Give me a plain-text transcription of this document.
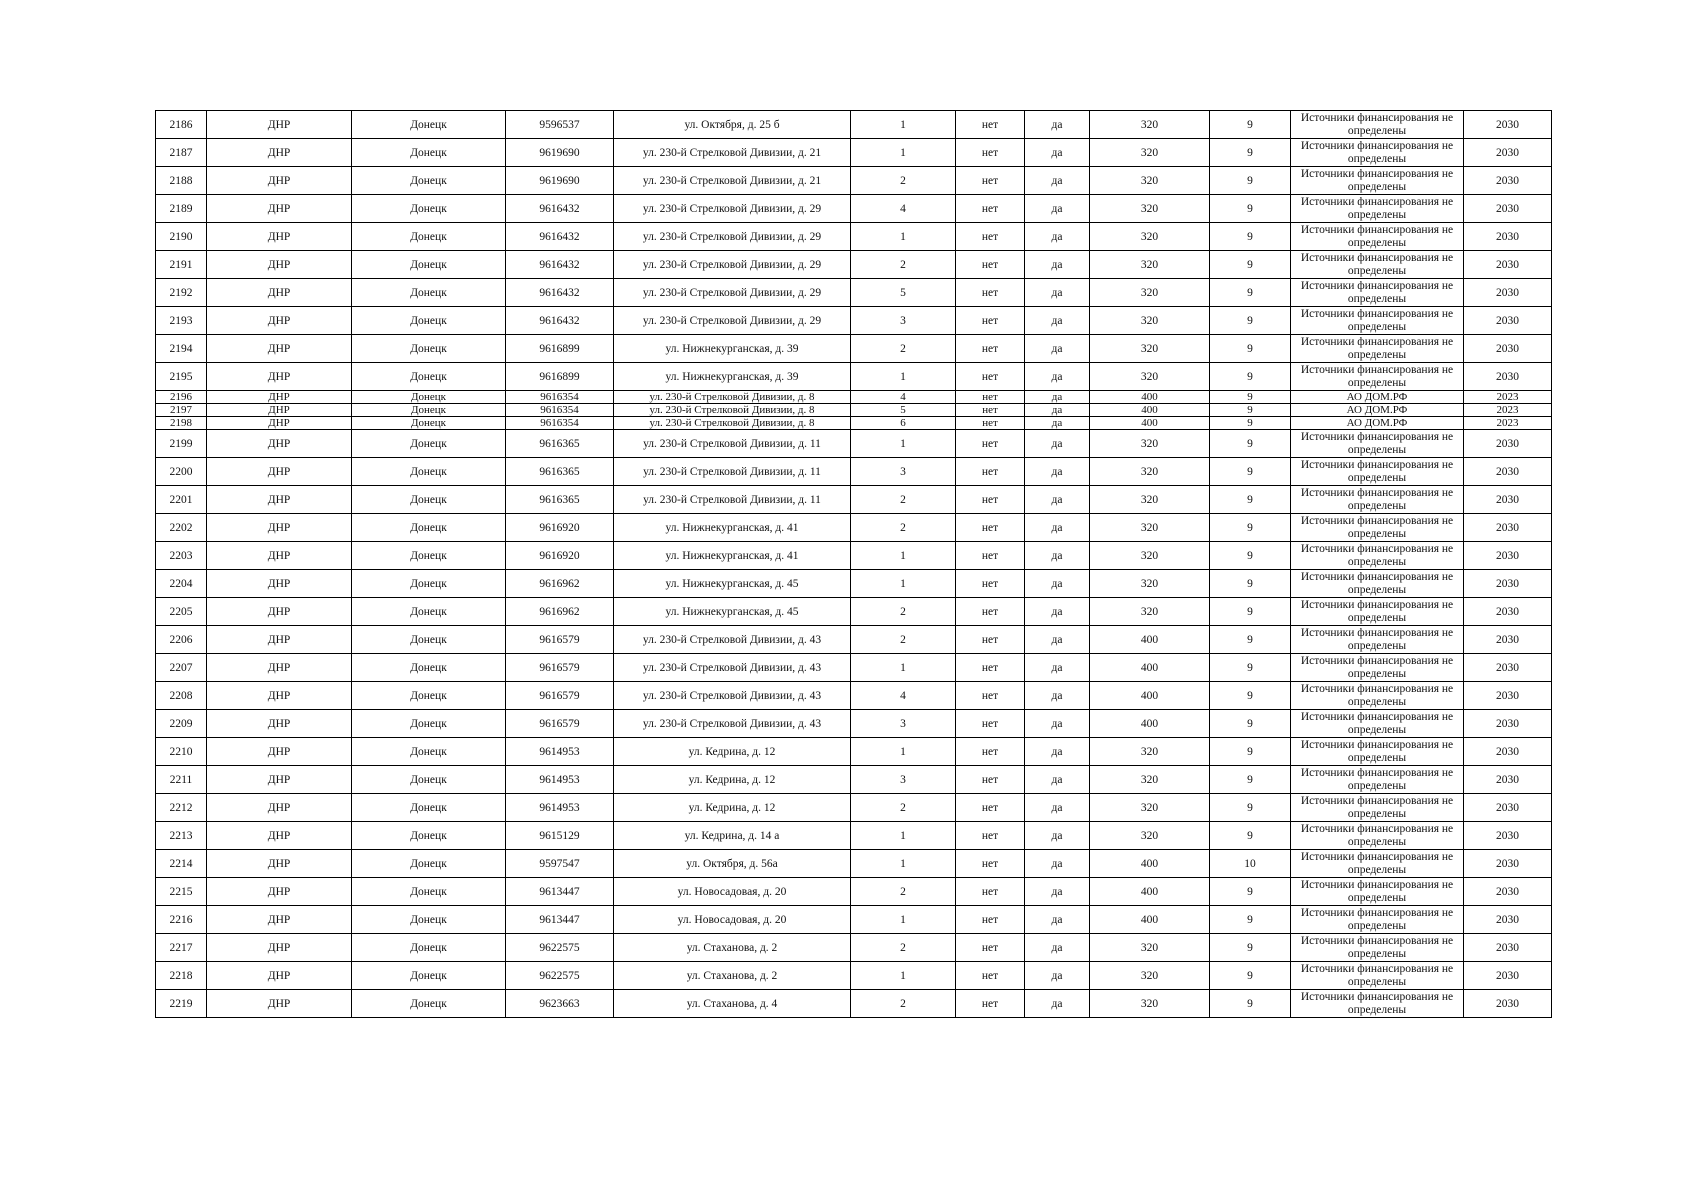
2186	ДНР	Донецк	9596537	ул. Октября, д. 25 б	1	нет	да	320	9	Источники финансирования не определены	2030
2187	ДНР	Донецк	9619690	ул. 230-й Стрелковой Дивизии, д. 21	1	нет	да	320	9	Источники финансирования не определены	2030
2188	ДНР	Донецк	9619690	ул. 230-й Стрелковой Дивизии, д. 21	2	нет	да	320	9	Источники финансирования не определены	2030
2189	ДНР	Донецк	9616432	ул. 230-й Стрелковой Дивизии, д. 29	4	нет	да	320	9	Источники финансирования не определены	2030
2190	ДНР	Донецк	9616432	ул. 230-й Стрелковой Дивизии, д. 29	1	нет	да	320	9	Источники финансирования не определены	2030
2191	ДНР	Донецк	9616432	ул. 230-й Стрелковой Дивизии, д. 29	2	нет	да	320	9	Источники финансирования не определены	2030
2192	ДНР	Донецк	9616432	ул. 230-й Стрелковой Дивизии, д. 29	5	нет	да	320	9	Источники финансирования не определены	2030
2193	ДНР	Донецк	9616432	ул. 230-й Стрелковой Дивизии, д. 29	3	нет	да	320	9	Источники финансирования не определены	2030
2194	ДНР	Донецк	9616899	ул. Нижнекурганская, д. 39	2	нет	да	320	9	Источники финансирования не определены	2030
2195	ДНР	Донецк	9616899	ул. Нижнекурганская, д. 39	1	нет	да	320	9	Источники финансирования не определены	2030
2196	ДНР	Донецк	9616354	ул. 230-й Стрелковой Дивизии, д. 8	4	нет	да	400	9	АО ДОМ.РФ	2023
2197	ДНР	Донецк	9616354	ул. 230-й Стрелковой Дивизии, д. 8	5	нет	да	400	9	АО ДОМ.РФ	2023
2198	ДНР	Донецк	9616354	ул. 230-й Стрелковой Дивизии, д. 8	6	нет	да	400	9	АО ДОМ.РФ	2023
2199	ДНР	Донецк	9616365	ул. 230-й Стрелковой Дивизии, д. 11	1	нет	да	320	9	Источники финансирования не определены	2030
2200	ДНР	Донецк	9616365	ул. 230-й Стрелковой Дивизии, д. 11	3	нет	да	320	9	Источники финансирования не определены	2030
2201	ДНР	Донецк	9616365	ул. 230-й Стрелковой Дивизии, д. 11	2	нет	да	320	9	Источники финансирования не определены	2030
2202	ДНР	Донецк	9616920	ул. Нижнекурганская, д. 41	2	нет	да	320	9	Источники финансирования не определены	2030
2203	ДНР	Донецк	9616920	ул. Нижнекурганская, д. 41	1	нет	да	320	9	Источники финансирования не определены	2030
2204	ДНР	Донецк	9616962	ул. Нижнекурганская, д. 45	1	нет	да	320	9	Источники финансирования не определены	2030
2205	ДНР	Донецк	9616962	ул. Нижнекурганская, д. 45	2	нет	да	320	9	Источники финансирования не определены	2030
2206	ДНР	Донецк	9616579	ул. 230-й Стрелковой Дивизии, д. 43	2	нет	да	400	9	Источники финансирования не определены	2030
2207	ДНР	Донецк	9616579	ул. 230-й Стрелковой Дивизии, д. 43	1	нет	да	400	9	Источники финансирования не определены	2030
2208	ДНР	Донецк	9616579	ул. 230-й Стрелковой Дивизии, д. 43	4	нет	да	400	9	Источники финансирования не определены	2030
2209	ДНР	Донецк	9616579	ул. 230-й Стрелковой Дивизии, д. 43	3	нет	да	400	9	Источники финансирования не определены	2030
2210	ДНР	Донецк	9614953	ул. Кедрина, д. 12	1	нет	да	320	9	Источники финансирования не определены	2030
2211	ДНР	Донецк	9614953	ул. Кедрина, д. 12	3	нет	да	320	9	Источники финансирования не определены	2030
2212	ДНР	Донецк	9614953	ул. Кедрина, д. 12	2	нет	да	320	9	Источники финансирования не определены	2030
2213	ДНР	Донецк	9615129	ул. Кедрина, д. 14 а	1	нет	да	320	9	Источники финансирования не определены	2030
2214	ДНР	Донецк	9597547	ул. Октября, д. 56а	1	нет	да	400	10	Источники финансирования не определены	2030
2215	ДНР	Донецк	9613447	ул. Новосадовая, д. 20	2	нет	да	400	9	Источники финансирования не определены	2030
2216	ДНР	Донецк	9613447	ул. Новосадовая, д. 20	1	нет	да	400	9	Источники финансирования не определены	2030
2217	ДНР	Донецк	9622575	ул. Стаханова, д. 2	2	нет	да	320	9	Источники финансирования не определены	2030
2218	ДНР	Донецк	9622575	ул. Стаханова, д. 2	1	нет	да	320	9	Источники финансирования не определены	2030
2219	ДНР	Донецк	9623663	ул. Стаханова, д. 4	2	нет	да	320	9	Источники финансирования не определены	2030
